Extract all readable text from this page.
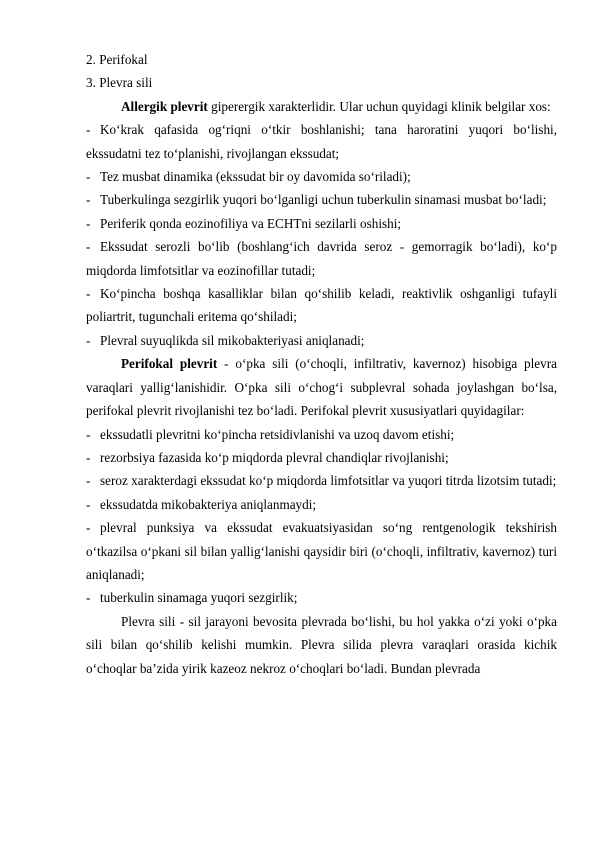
2. Perifokal

3. Plevra sili

Allergik plevrit giperergik xarakterlidir. Ular uchun quyidagi klinik belgilar xos:

- Ko‘krak qafasida og‘riqni o‘tkir boshlanishi; tana haroratini yuqori bo‘lishi, ekssudatni tez to‘planishi, rivojlangan ekssudat;

- Tez musbat dinamika (ekssudat bir oy davomida so‘riladi);

- Tuberkulinga sezgirlik yuqori bo‘lganligi uchun tuberkulin sinamasi musbat bo‘ladi;

- Periferik qonda eozinofiliya va ECHTni sezilarli oshishi;

- Ekssudat serozli bo‘lib (boshlang‘ich davrida seroz - gemorragik bo‘ladi), ko‘p miqdorda limfotsitlar va eozinofillar tutadi;

- Ko‘pincha boshqa kasalliklar bilan qo‘shilib keladi, reaktivlik oshganligi tufayli poliartrit, tugunchali eritema qo‘shiladi;

- Plevral suyuqlikda sil mikobakteriyasi aniqlanadi;

Perifokal plevrit - o‘pka sili (o‘choqli, infiltrativ, kavernoz) hisobiga plevra varaqlari yallig‘lanishidir. O‘pka sili o‘chog‘i subplevral sohada joylashgan bo‘lsa, perifokal plevrit rivojlanishi tez bo‘ladi. Perifokal plevrit xususiyatlari quyidagilar:

- ekssudatli plevritni ko‘pincha retsidivlanishi va uzoq davom etishi;

- rezorbsiya fazasida ko‘p miqdorda plevral chandiqlar rivojlanishi;

- seroz xarakterdagi ekssudat ko‘p miqdorda limfotsitlar va yuqori titrda lizotsim tutadi;

- ekssudatda mikobakteriya aniqlanmaydi;

- plevral punksiya va ekssudat evakuatsiyasidan so‘ng rentgenologik tekshirish o‘tkazilsa o‘pkani sil bilan yallig‘lanishi qaysidir biri (o‘choqli, infiltrativ, kavernoz) turi aniqlanadi;

- tuberkulin sinamaga yuqori sezgirlik;

Plevra sili - sil jarayoni bevosita plevrada bo‘lishi, bu hol yakka o‘zi yoki o‘pka sili bilan qo‘shilib kelishi mumkin. Plevra silida plevra varaqlari orasida kichik o‘choqlar ba’zida yirik kazeoz nekroz o‘choqlari bo‘ladi. Bundan plevrada
